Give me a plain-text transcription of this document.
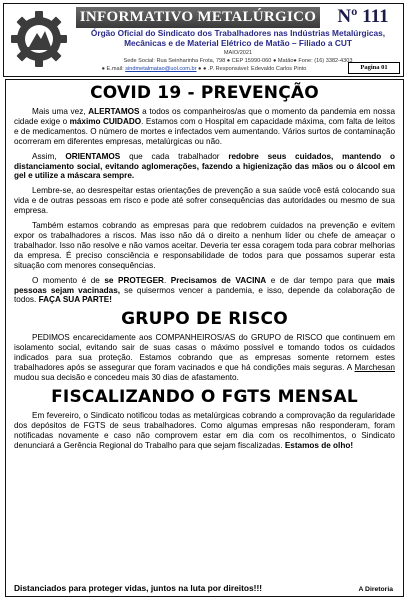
INFORMATIVO METALÚRGICO	Nº 111
Órgão Oficial do Sindicato dos Trabalhadores nas Indústrias Metalúrgicas,
Mecânicas e de Material Elétrico de Matão – Filiado a CUT
MAIO/2021
Sede Social: Rua Seinharinha Frota, 798 ● CEP 15990-060 ● Matão● Fone: (16) 3382-4303
● E.mail: sindmetalmatao@uol.com.br ● ● .P. Responsável: Edevaldo Carlos Pinto	Pagina 01
COVID 19 - PREVENÇÃO

Mais uma vez, ALERTAMOS a todos os companheiros/as que o momento da pandemia em nossa cidade exige o máximo CUIDADO. Estamos com o Hospital em capacidade máxima, com falta de leitos e de medicamentos. O número de mortes e infectados vem aumentando. Vários surtos de contaminação ocorreram em diferentes empresas, metalúrgicas ou não.

Assim, ORIENTAMOS que cada trabalhador redobre seus cuidados, mantendo o distanciamento social, evitando aglomerações, fazendo a higienização das mãos ou o álcool em gel e utilize a máscara sempre.

Lembre-se, ao desrespeitar estas orientações de prevenção a sua saúde você está colocando sua vida e de outras pessoas em risco e pode até sofrer consequências das autoridades ou mesmo de sua empresa.

Também estamos cobrando as empresas para que redobrem cuidados na prevenção e evitem expor os trabalhadores a riscos. Mas isso não dá o direito a nenhum líder ou chefe de ameaçar o trabalhador. Isso não resolve e não vamos aceitar. Deveria ter essa coragem toda para cobrar melhorias da empresa. É preciso consciência e responsabilidade de todos para que possamos superar esta situação com menores consequências.

O momento é de se PROTEGER. Precisamos de VACINA e de dar tempo para que mais pessoas sejam vacinadas, se quisermos vencer a pandemia, e isso, depende da colaboração de todos. FAÇA SUA PARTE!

GRUPO DE RISCO

PEDIMOS encarecidamente aos COMPANHEIROS/AS do GRUPO de RISCO que continuem em isolamento social, evitando sair de suas casas o máximo possível e tomando todos os cuidados indicados para sua proteção. Estamos cobrando que as empresas somente retornem estes trabalhadores após se assegurar que foram vacinados e que há condições mais seguras. A Marchesan mudou sua decisão e concedeu mais 30 dias de afastamento.

FISCALIZANDO O FGTS MENSAL

Em fevereiro, o Sindicato notificou todas as metalúrgicas cobrando a comprovação da regularidade dos depósitos de FGTS de seus trabalhadores. Como algumas empresas não responderam, foram notificadas novamente e caso não comprovem estar em dia com os recolhimentos, o Sindicato denunciará a Gerência Regional do Trabalho para que sejam fiscalizadas. Estamos de olho!

Distanciados para proteger vidas, juntos na luta por direitos!!!	A Diretoria
